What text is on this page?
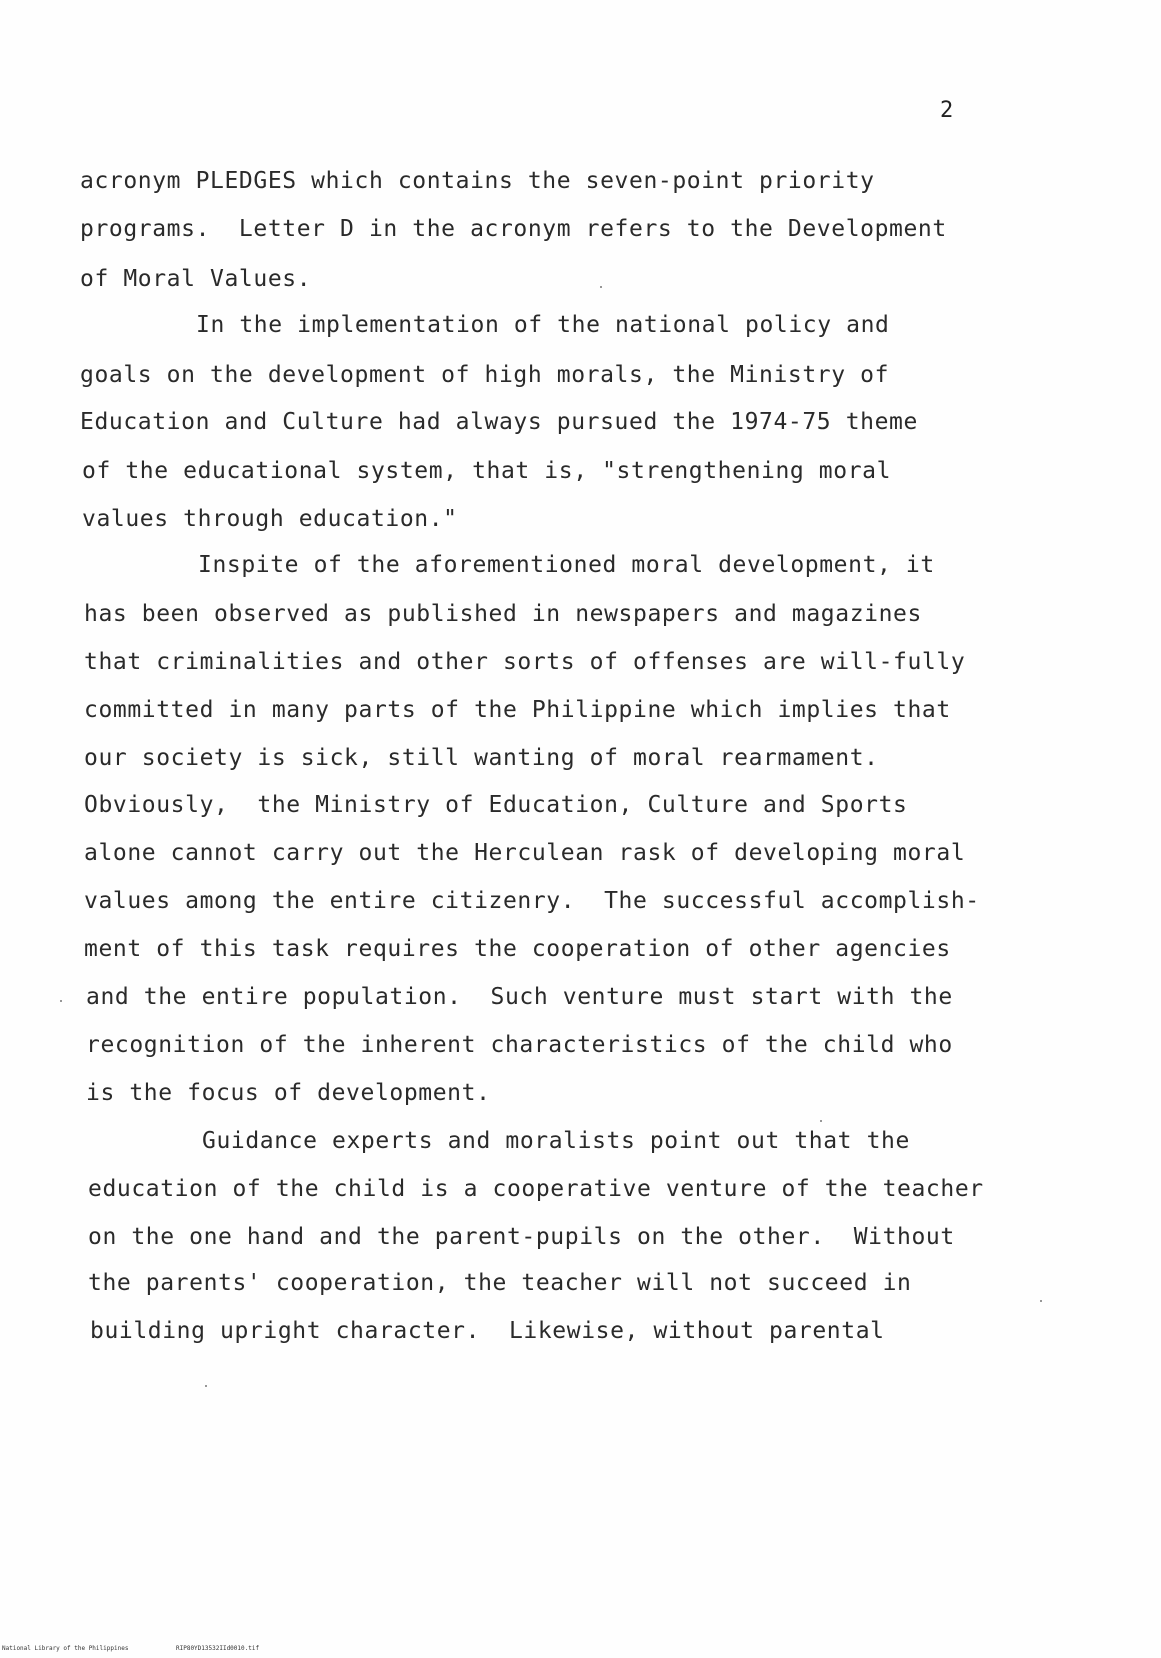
2
acronym PLEDGES which contains the seven-point priority
programs.  Letter D in the acronym refers to the Development
of Moral Values.
In the implementation of the national policy and
goals on the development of high morals, the Ministry of
Education and Culture had always pursued the 1974-75 theme
of the educational system, that is, "strengthening moral
values through education."
Inspite of the aforementioned moral development, it
has been observed as published in newspapers and magazines
that criminalities and other sorts of offenses are will-fully
committed in many parts of the Philippine which implies that
our society is sick, still wanting of moral rearmament.
Obviously,  the Ministry of Education, Culture and Sports
alone cannot carry out the Herculean rask of developing moral
values among the entire citizenry.  The successful accomplish-
ment of this task requires the cooperation of other agencies
and the entire population.  Such venture must start with the
recognition of the inherent characteristics of the child who
is the focus of development.
Guidance experts and moralists point out that the
education of the child is a cooperative venture of the teacher
on the one hand and the parent-pupils on the other.  Without
the parents' cooperation, the teacher will not succeed in
building upright character.  Likewise, without parental
National Library of the Philippines	RIP80YD13532IId0010.tif
